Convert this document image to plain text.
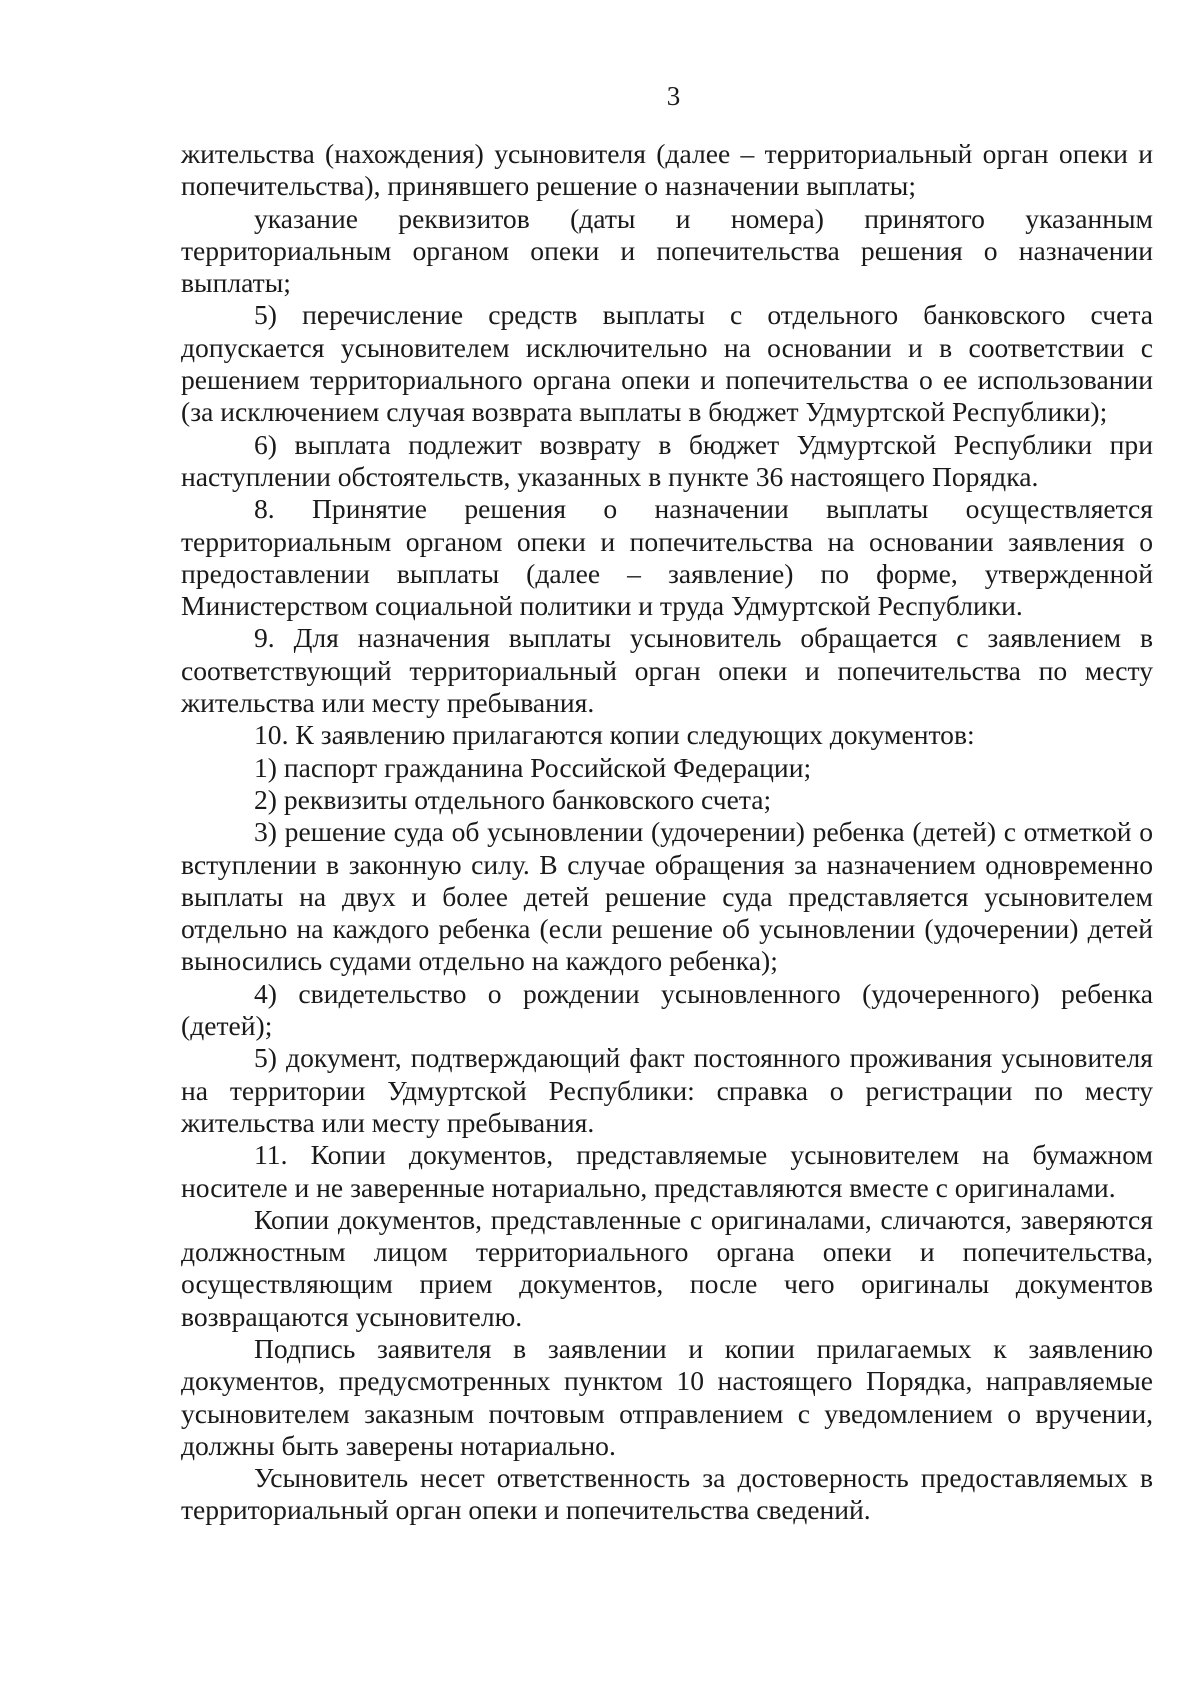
3

жительства (нахождения) усыновителя (далее – территориальный орган опеки и попечительства), принявшего решение о назначении выплаты;

указание реквизитов (даты и номера) принятого указанным территориальным органом опеки и попечительства решения о назначении выплаты;

5) перечисление средств выплаты с отдельного банковского счета допускается усыновителем исключительно на основании и в соответствии с решением территориального органа опеки и попечительства о ее использовании (за исключением случая возврата выплаты в бюджет Удмуртской Республики);

6) выплата подлежит возврату в бюджет Удмуртской Республики при наступлении обстоятельств, указанных в пункте 36 настоящего Порядка.

8. Принятие решения о назначении выплаты осуществляется территориальным органом опеки и попечительства на основании заявления о предоставлении выплаты (далее – заявление) по форме, утвержденной Министерством социальной политики и труда Удмуртской Республики.

9. Для назначения выплаты усыновитель обращается с заявлением в соответствующий территориальный орган опеки и попечительства по месту жительства или месту пребывания.

10. К заявлению прилагаются копии следующих документов:

1) паспорт гражданина Российской Федерации;

2) реквизиты отдельного банковского счета;

3) решение суда об усыновлении (удочерении) ребенка (детей) с отметкой о вступлении в законную силу. В случае обращения за назначением одновременно выплаты на двух и более детей решение суда представляется усыновителем отдельно на каждого ребенка (если решение об усыновлении (удочерении) детей выносились судами отдельно на каждого ребенка);

4) свидетельство о рождении усыновленного (удочеренного) ребенка (детей);

5) документ, подтверждающий факт постоянного проживания усыновителя на территории Удмуртской Республики: справка о регистрации по месту жительства или месту пребывания.

11. Копии документов, представляемые усыновителем на бумажном носителе и не заверенные нотариально, представляются вместе с оригиналами.

Копии документов, представленные с оригиналами, сличаются, заверяются должностным лицом территориального органа опеки и попечительства, осуществляющим прием документов, после чего оригиналы документов возвращаются усыновителю.

Подпись заявителя в заявлении и копии прилагаемых к заявлению документов, предусмотренных пунктом 10 настоящего Порядка, направляемые усыновителем заказным почтовым отправлением с уведомлением о вручении, должны быть заверены нотариально.

Усыновитель несет ответственность за достоверность предоставляемых в территориальный орган опеки и попечительства сведений.
